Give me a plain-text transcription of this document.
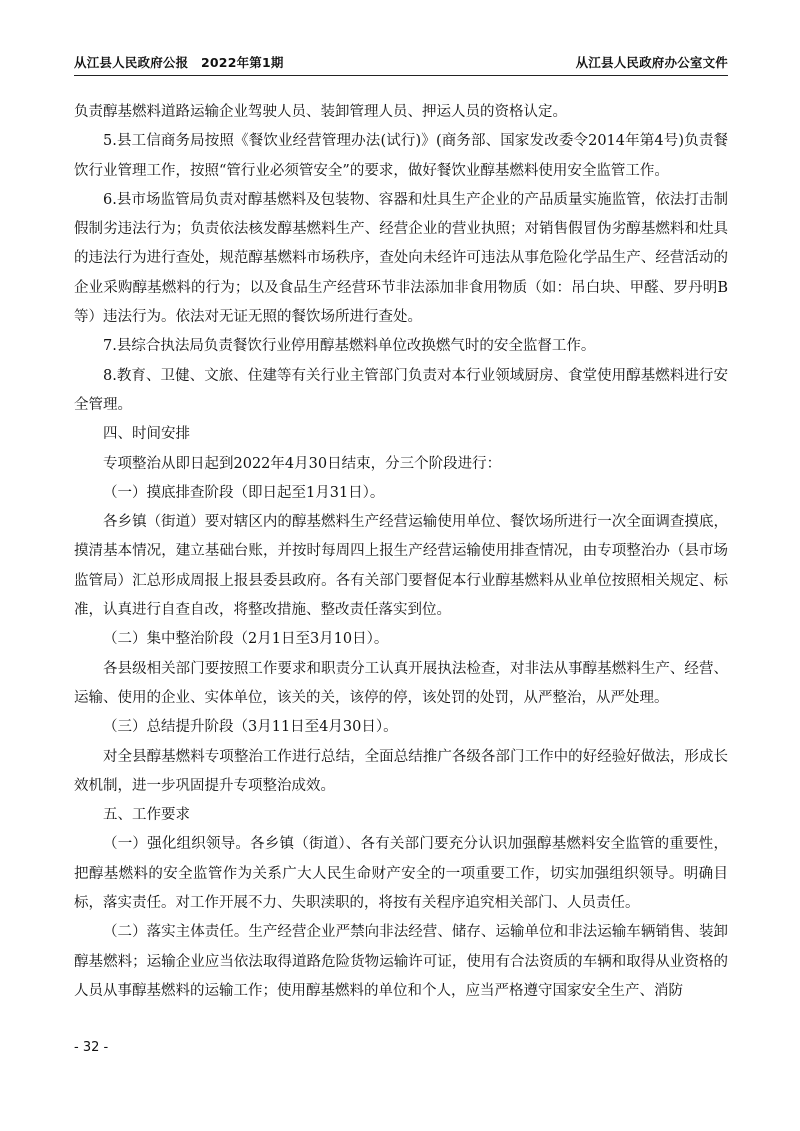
从江县人民政府公报　2022年第1期	从江县人民政府办公室文件

负责醇基燃料道路运输企业驾驶人员、装卸管理人员、押运人员的资格认定。

5.县工信商务局按照《餐饮业经营管理办法(试行)》(商务部、国家发改委令2014年第4号)负责餐饮行业管理工作，按照“管行业必须管安全”的要求，做好餐饮业醇基燃料使用安全监管工作。

6.县市场监管局负责对醇基燃料及包装物、容器和灶具生产企业的产品质量实施监管，依法打击制假制劣违法行为；负责依法核发醇基燃料生产、经营企业的营业执照；对销售假冒伪劣醇基燃料和灶具的违法行为进行查处，规范醇基燃料市场秩序，查处向未经许可违法从事危险化学品生产、经营活动的企业采购醇基燃料的行为；以及食品生产经营环节非法添加非食用物质（如：吊白块、甲醛、罗丹明B等）违法行为。依法对无证无照的餐饮场所进行查处。

7.县综合执法局负责餐饮行业停用醇基燃料单位改换燃气时的安全监督工作。

8.教育、卫健、文旅、住建等有关行业主管部门负责对本行业领域厨房、食堂使用醇基燃料进行安全管理。

四、时间安排

专项整治从即日起到2022年4月30日结束，分三个阶段进行：

（一）摸底排查阶段（即日起至1月31日）。

各乡镇（街道）要对辖区内的醇基燃料生产经营运输使用单位、餐饮场所进行一次全面调查摸底，摸清基本情况，建立基础台账，并按时每周四上报生产经营运输使用排查情况，由专项整治办（县市场监管局）汇总形成周报上报县委县政府。各有关部门要督促本行业醇基燃料从业单位按照相关规定、标准，认真进行自查自改，将整改措施、整改责任落实到位。

（二）集中整治阶段（2月1日至3月10日）。

各县级相关部门要按照工作要求和职责分工认真开展执法检查，对非法从事醇基燃料生产、经营、运输、使用的企业、实体单位，该关的关，该停的停，该处罚的处罚，从严整治，从严处理。

（三）总结提升阶段（3月11日至4月30日）。

对全县醇基燃料专项整治工作进行总结，全面总结推广各级各部门工作中的好经验好做法，形成长效机制，进一步巩固提升专项整治成效。

五、工作要求

（一）强化组织领导。各乡镇（街道）、各有关部门要充分认识加强醇基燃料安全监管的重要性，把醇基燃料的安全监管作为关系广大人民生命财产安全的一项重要工作，切实加强组织领导。明确目标，落实责任。对工作开展不力、失职渎职的，将按有关程序追究相关部门、人员责任。

（二）落实主体责任。生产经营企业严禁向非法经营、储存、运输单位和非法运输车辆销售、装卸醇基燃料；运输企业应当依法取得道路危险货物运输许可证，使用有合法资质的车辆和取得从业资格的人员从事醇基燃料的运输工作；使用醇基燃料的单位和个人，应当严格遵守国家安全生产、消防

- 32 -
